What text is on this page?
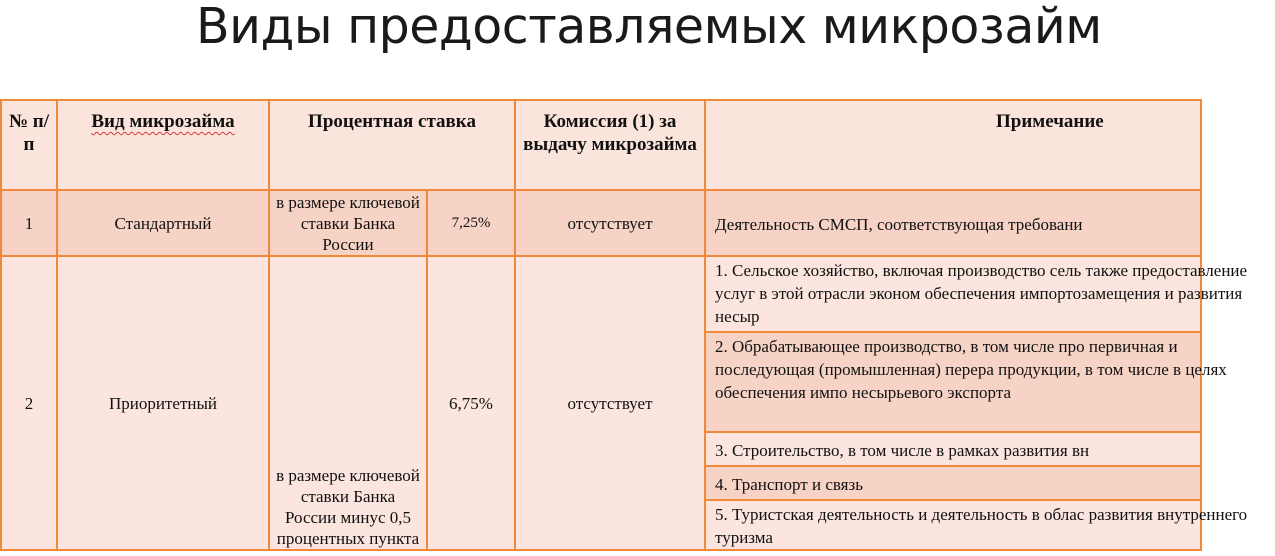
Виды предоставляемых микрозайм
№ п/п	Вид микрозайма	Процентная ставка		Комиссия (1) за выдачу микрозайма	Примечание
1	Стандартный	в размере ключевой ставки Банка России	7,25%	отсутствует	Деятельность СМСП, соответствующая требовани
2	Приоритетный	в размере ключевой ставки Банка России минус 0,5 процентных пункта	6,75%	отсутствует	1. Сельское хозяйство, включая производство сель также предоставление услуг в этой отрасли эконом обеспечения импортозамещения и развития несыр

					2. Обрабатывающее производство, в том числе про первичная и последующая (промышленная) перера продукции, в том числе в целях обеспечения импо несырьевого экспорта

					3. Строительство, в том числе в рамках развития вн
					4. Транспорт и связь

					5. Туристская деятельность и деятельность в облас развития внутреннего туризма
